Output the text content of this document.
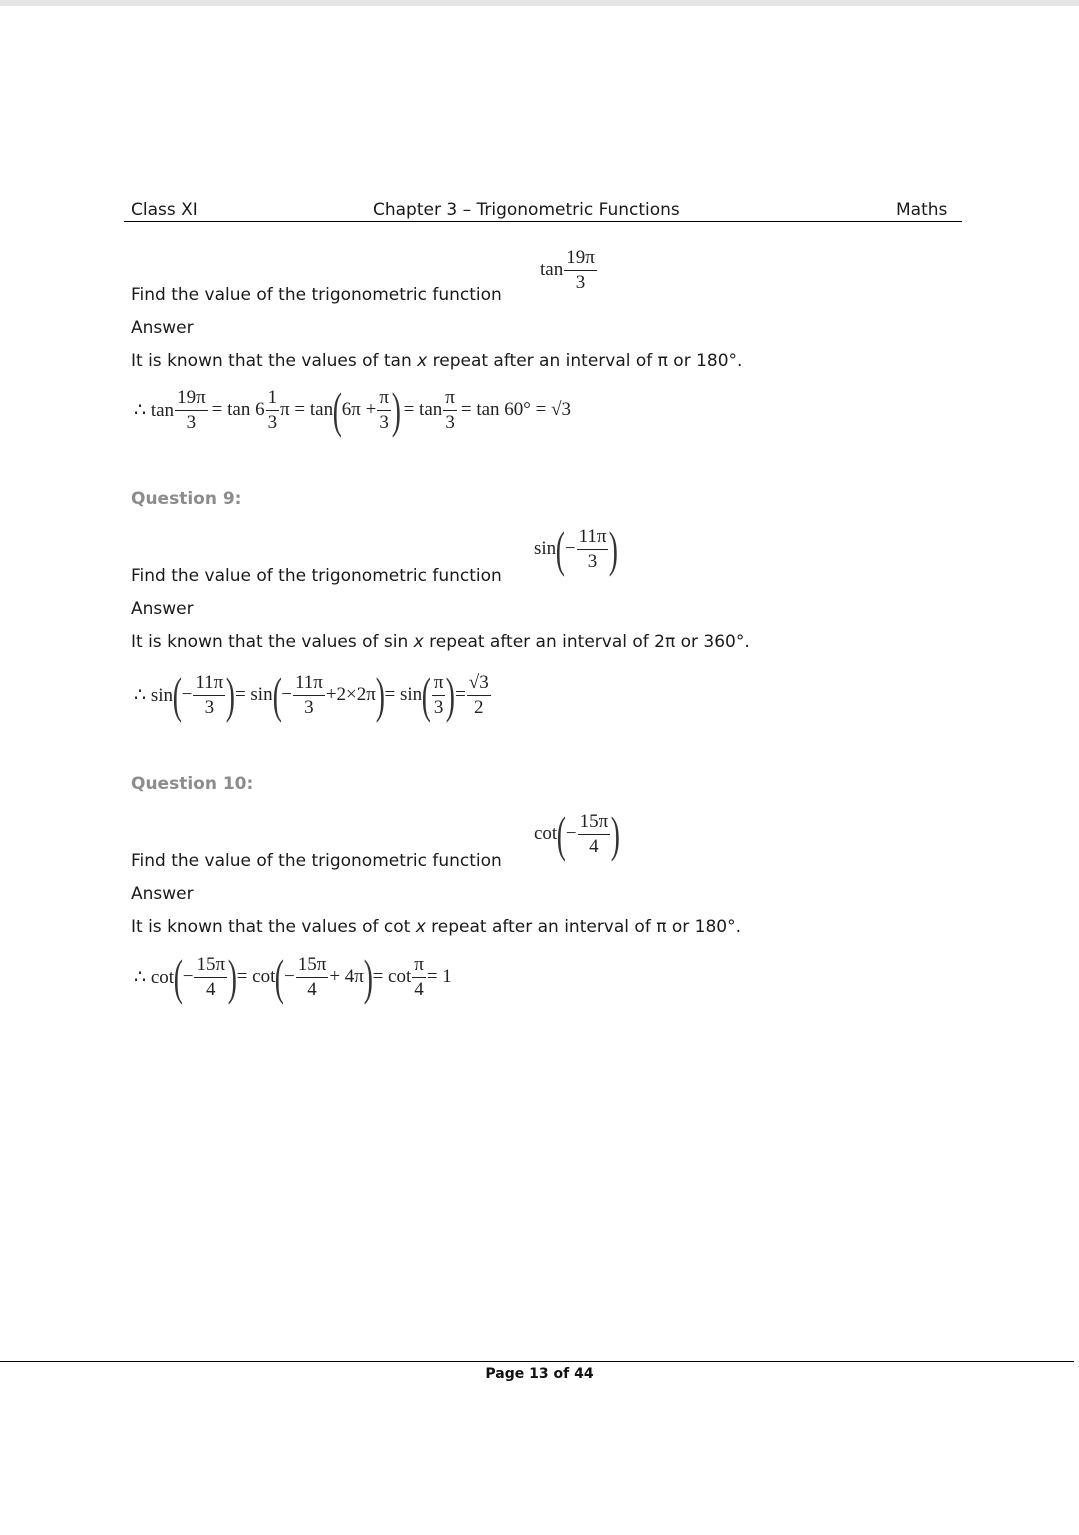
Class XI	Chapter 3 – Trigonometric Functions	Maths
Find the value of the trigonometric function
$\tan \frac{19\pi}{3}$
Answer
It is known that the values of tan x repeat after an interval of π or 180°.
∴ $\tan \frac{19\pi}{3} = \tan 6 \frac{1}{3}$ π = tan ( $6\pi + \frac{\pi}{3}$ ) = $\tan \frac{\pi}{3} = \tan 60^\circ = √3$
Question 9:
Find the value of the trigonometric function
sin ( − $\frac{11\pi}{3}$ )
Answer
It is known that the values of sin x repeat after an interval of 2π or 360°.
∴ sin ( − $\frac{11\pi}{3}$ ) = sin ( − $\frac{11\pi}{3} +2\times 2\pi$ ) = sin ( $\frac{\pi}{3}$ ) = $\frac{√3}{2}$
Question 10:
Find the value of the trigonometric function
cot ( − $\frac{15\pi}{4}$ )
Answer
It is known that the values of cot x repeat after an interval of π or 180°.
∴ cot ( − $\frac{15\pi}{4}$ ) = cot ( − $\frac{15\pi}{4} + 4\pi$ ) = $\cot \frac{\pi}{4} = 1$
Page 13 of 44
